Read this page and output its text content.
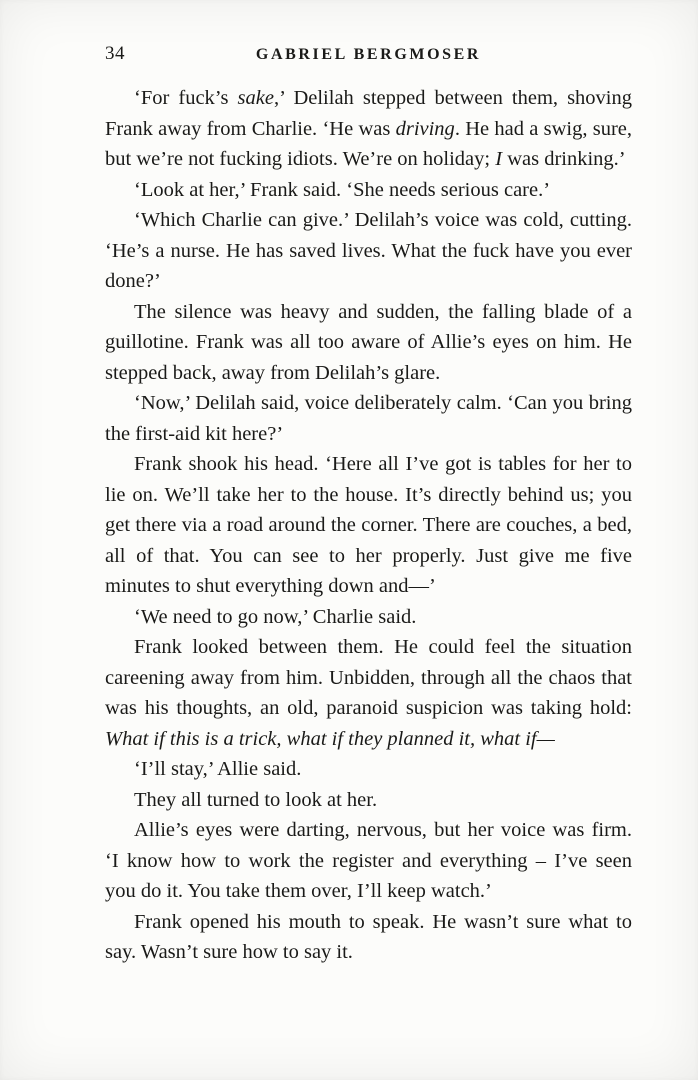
34	GABRIEL BERGMOSER

‘For fuck’s sake,’ Delilah stepped between them, shoving Frank away from Charlie. ‘He was driving. He had a swig, sure, but we’re not fucking idiots. We’re on holiday; I was drinking.’

‘Look at her,’ Frank said. ‘She needs serious care.’

‘Which Charlie can give.’ Delilah’s voice was cold, cutting. ‘He’s a nurse. He has saved lives. What the fuck have you ever done?’

The silence was heavy and sudden, the falling blade of a guillotine. Frank was all too aware of Allie’s eyes on him. He stepped back, away from Delilah’s glare.

‘Now,’ Delilah said, voice deliberately calm. ‘Can you bring the first-aid kit here?’

Frank shook his head. ‘Here all I’ve got is tables for her to lie on. We’ll take her to the house. It’s directly behind us; you get there via a road around the corner. There are couches, a bed, all of that. You can see to her properly. Just give me five minutes to shut everything down and—’

‘We need to go now,’ Charlie said.

Frank looked between them. He could feel the situation careening away from him. Unbidden, through all the chaos that was his thoughts, an old, paranoid suspicion was taking hold: What if this is a trick, what if they planned it, what if—

‘I’ll stay,’ Allie said.

They all turned to look at her.

Allie’s eyes were darting, nervous, but her voice was firm. ‘I know how to work the register and everything – I’ve seen you do it. You take them over, I’ll keep watch.’

Frank opened his mouth to speak. He wasn’t sure what to say. Wasn’t sure how to say it.
